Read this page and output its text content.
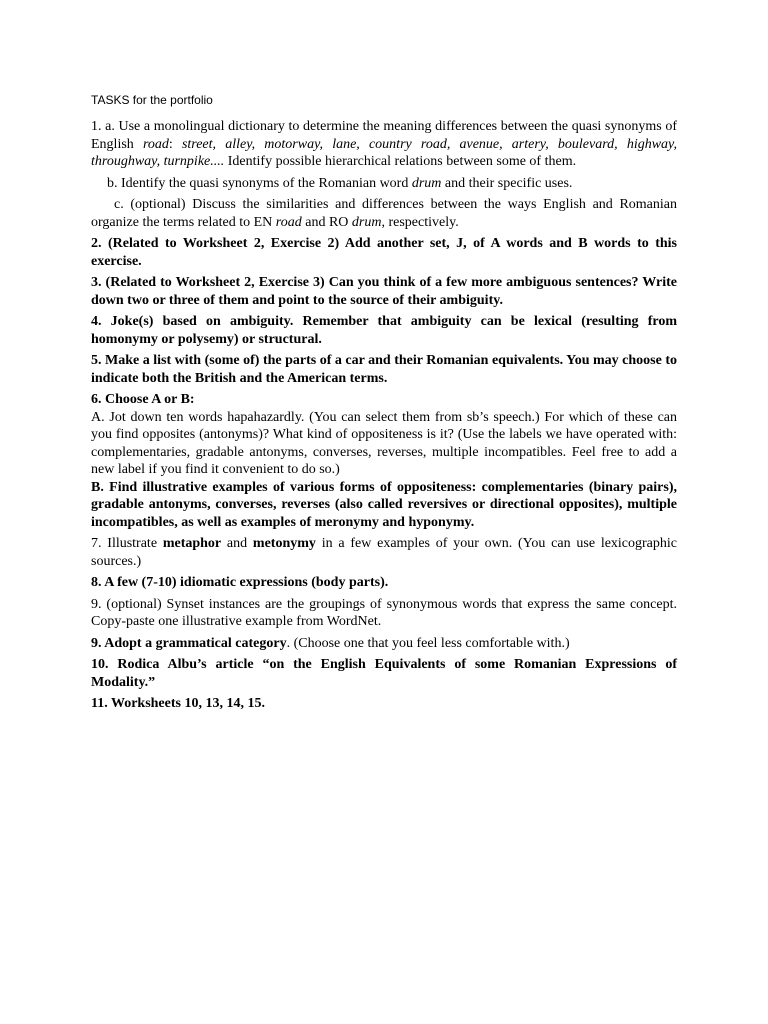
TASKS for the portfolio
1. a. Use a monolingual dictionary to determine the meaning differences between the quasi synonyms of English road: street, alley, motorway, lane, country road, avenue, artery, boulevard, highway, throughway, turnpike.... Identify possible hierarchical relations between some of them.
b. Identify the quasi synonyms of the Romanian word drum and their specific uses.
c. (optional) Discuss the similarities and differences between the ways English and Romanian organize the terms related to EN road and RO drum, respectively.
2. (Related to Worksheet 2, Exercise 2) Add another set, J, of A words and B words to this exercise.
3. (Related to Worksheet 2, Exercise 3) Can you think of a few more ambiguous sentences? Write down two or three of them and point to the source of their ambiguity.
4. Joke(s) based on ambiguity. Remember that ambiguity can be lexical (resulting from homonymy or polysemy) or structural.
5. Make a list with (some of) the parts of a car and their Romanian equivalents. You may choose to indicate both the British and the American terms.
6. Choose A or B:
A. Jot down ten words hapahazardly. (You can select them from sb’s speech.) For which of these can you find opposites (antonyms)? What kind of oppositeness is it? (Use the labels we have operated with: complementaries, gradable antonyms, converses, reverses, multiple incompatibles. Feel free to add a new label if you find it convenient to do so.)
B. Find illustrative examples of various forms of oppositeness: complementaries (binary pairs), gradable antonyms, converses, reverses (also called reversives or directional opposites), multiple incompatibles, as well as examples of meronymy and hyponymy.
7. Illustrate metaphor and metonymy in a few examples of your own. (You can use lexicographic sources.)
8. A few (7-10) idiomatic expressions (body parts).
9. (optional) Synset instances are the groupings of synonymous words that express the same concept. Copy-paste one illustrative example from WordNet.
9. Adopt a grammatical category. (Choose one that you feel less comfortable with.)
10. Rodica Albu’s article “on the English Equivalents of some Romanian Expressions of Modality.”
11. Worksheets 10, 13, 14, 15.
